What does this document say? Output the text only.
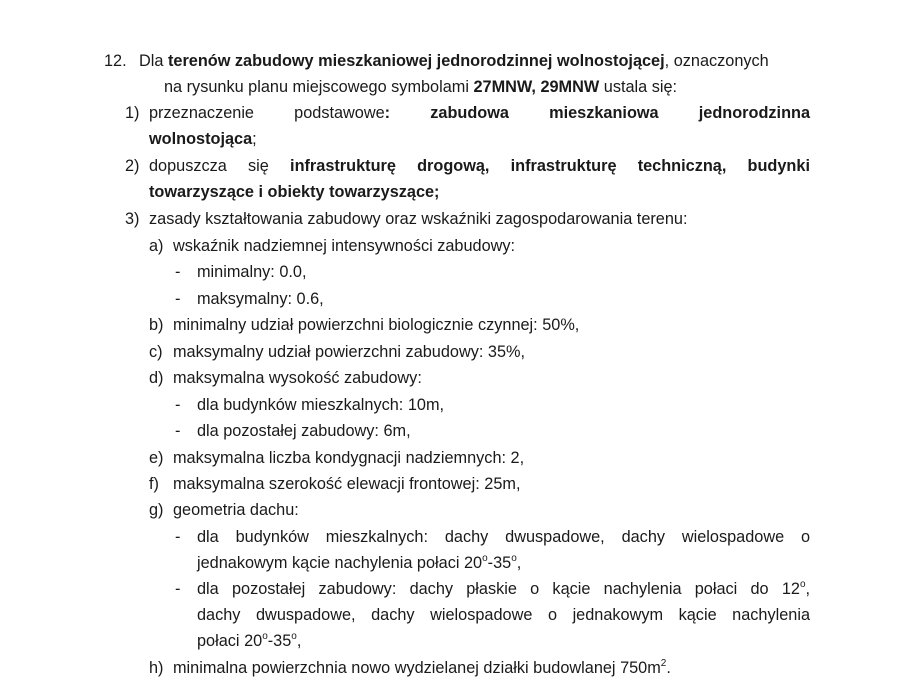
12. Dla terenów zabudowy mieszkaniowej jednorodzinnej wolnostojącej, oznaczonych
na rysunku planu miejscowego symbolami 27MNW, 29MNW ustala się:
1) przeznaczenie podstawowe: zabudowa mieszkaniowa jednorodzinna
wolnostojąca;
2) dopuszcza się infrastrukturę drogową, infrastrukturę techniczną, budynki
towarzyszące i obiekty towarzyszące;
3) zasady kształtowania zabudowy oraz wskaźniki zagospodarowania terenu:
a) wskaźnik nadziemnej intensywności zabudowy:
- minimalny: 0.0,
- maksymalny: 0.6,
b) minimalny udział powierzchni biologicznie czynnej: 50%,
c) maksymalny udział powierzchni zabudowy: 35%,
d) maksymalna wysokość zabudowy:
- dla budynków mieszkalnych: 10m,
- dla pozostałej zabudowy: 6m,
e) maksymalna liczba kondygnacji nadziemnych: 2,
f) maksymalna szerokość elewacji frontowej: 25m,
g) geometria dachu:
- dla budynków mieszkalnych: dachy dwuspadowe, dachy wielospadowe o
jednakowym kącie nachylenia połaci 20$^o$-35$^o$,
- dla pozostałej zabudowy: dachy płaskie o kącie nachylenia połaci do 12$^o$,
dachy dwuspadowe, dachy wielospadowe o jednakowym kącie nachylenia
połaci 20$^o$-35$^o$,
h) minimalna powierzchnia nowo wydzielanej działki budowlanej $750m^2$.
